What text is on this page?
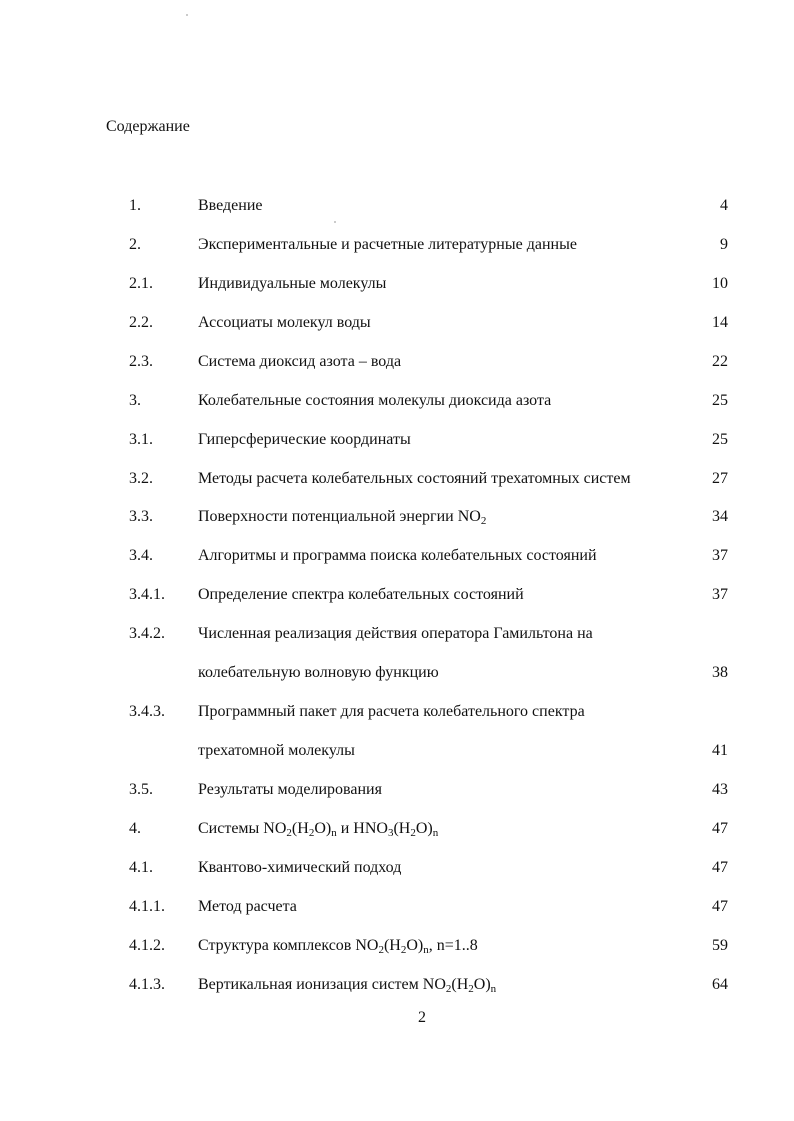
Содержание
1.	Введение	4
2.	Экспериментальные и расчетные литературные данные	9
2.1.	Индивидуальные молекулы	10
2.2.	Ассоциаты молекул воды	14
2.3.	Система диоксид азота – вода	22
3.	Колебательные состояния молекулы диоксида азота	25
3.1.	Гиперсферические координаты	25
3.2.	Методы расчета колебательных состояний трехатомных систем	27
3.3.	Поверхности потенциальной энергии $NO_2$	34
3.4.	Алгоритмы и программа поиска колебательных состояний	37
3.4.1. Определение спектра колебательных состояний	37
3.4.2. Численная реализация действия оператора Гамильтона на
колебательную волновую функцию	38
3.4.3. Программный пакет для расчета колебательного спектра
трехатомной молекулы	41
3.5.	Результаты моделирования	43
4.	Системы $NO_2(H_2O)_n$ и $HNO_3(H_2O)_n$	47
4.1.	Квантово-химический подход	47
4.1.1. Метод расчета	47
4.1.2. Структура комплексов $NO_2(H_2O)_n$, n=1..8	59
4.1.3. Вертикальная ионизация систем $NO_2(H_2O)_n$	64
2
